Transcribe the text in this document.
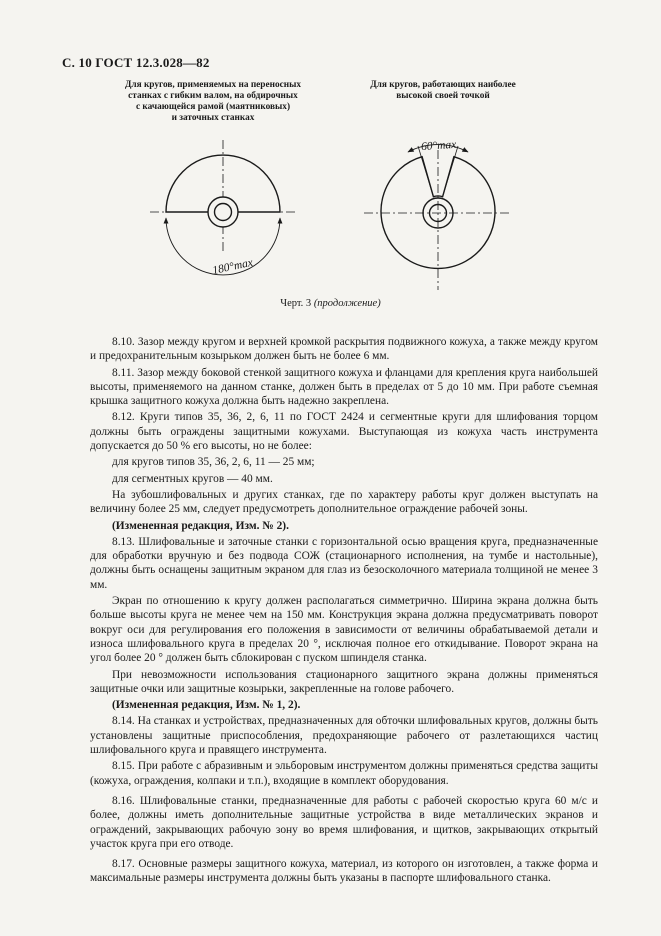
С. 10 ГОСТ 12.3.028—82
Для кругов, применяемых на переносных
станках с гибким валом, на обдирочных
с качающейся рамой (маятниковых)
и заточных станках
Для кругов, работающих наиболее
высокой своей точкой
180°max
60°max
Черт. 3 (продолжение)

8.10. Зазор между кругом и верхней кромкой раскрытия подвижного кожуха, а также между кругом и предохранительным козырьком должен быть не более 6 мм.

8.11. Зазор между боковой стенкой защитного кожуха и фланцами для крепления круга наибольшей высоты, применяемого на данном станке, должен быть в пределах от 5 до 10 мм. При работе съемная крышка защитного кожуха должна быть надежно закреплена.

8.12. Круги типов 35, 36, 2, 6, 11 по ГОСТ 2424 и сегментные круги для шлифования торцом должны быть ограждены защитными кожухами. Выступающая из кожуха часть инструмента допускается до 50 % его высоты, но не более:

для кругов типов 35, 36, 2, 6, 11 — 25 мм;

для сегментных кругов — 40 мм.

На зубошлифовальных и других станках, где по характеру работы круг должен выступать на величину более 25 мм, следует предусмотреть дополнительное ограждение рабочей зоны.

(Измененная редакция, Изм. № 2).

8.13. Шлифовальные и заточные станки с горизонтальной осью вращения круга, предназначенные для обработки вручную и без подвода СОЖ (стационарного исполнения, на тумбе и настольные), должны быть оснащены защитным экраном для глаз из безосколочного материала толщиной не менее 3 мм.

Экран по отношению к кругу должен располагаться симметрично. Ширина экрана должна быть больше высоты круга не менее чем на 150 мм. Конструкция экрана должна предусматривать поворот вокруг оси для регулирования его положения в зависимости от величины обрабатываемой детали и износа шлифовального круга в пределах 20 °, исключая полное его откидывание. Поворот экрана на угол более 20 ° должен быть сблокирован с пуском шпинделя станка.

При невозможности использования стационарного защитного экрана должны применяться защитные очки или защитные козырьки, закрепленные на голове рабочего.

(Измененная редакция, Изм. № 1, 2).

8.14. На станках и устройствах, предназначенных для обточки шлифовальных кругов, должны быть установлены защитные приспособления, предохраняющие рабочего от разлетающихся частиц шлифовального круга и правящего инструмента.

8.15. При работе с абразивным и эльборовым инструментом должны применяться средства защиты (кожуха, ограждения, колпаки и т.п.), входящие в комплект оборудования.

8.16. Шлифовальные станки, предназначенные для работы с рабочей скоростью круга 60 м/с и более, должны иметь дополнительные защитные устройства в виде металлических экранов и ограждений, закрывающих рабочую зону во время шлифования, и щитков, закрывающих открытый участок круга при его отводе.

8.17. Основные размеры защитного кожуха, материал, из которого он изготовлен, а также форма и максимальные размеры инструмента должны быть указаны в паспорте шлифовального станка.
